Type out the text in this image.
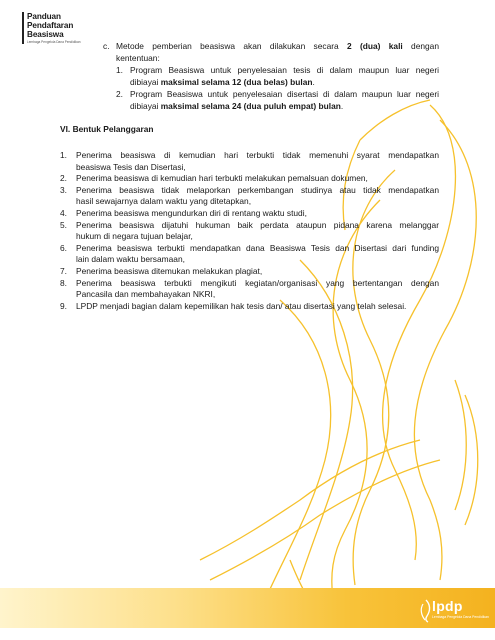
Panduan
Pendaftaran
Beasiswa
Lembaga Pengelola Dana Pendidikan	c. Metode pemberian beasiswa akan dilakukan secara 2 (dua) kali dengan
kententuan:
1. Program Beasiswa untuk penyelesaian tesis di dalam maupun luar negeri
dibiayai maksimal selama 12 (dua belas) bulan.
2. Program Beasiswa untuk penyelesaian disertasi di dalam maupun luar negeri
dibiayai maksimal selama 24 (dua puluh empat) bulan.
VI. Bentuk Pelanggaran
1. Penerima beasiswa di kemudian hari terbukti tidak memenuhi syarat mendapatkan
beasiswa Tesis dan Disertasi,
2. Penerima beasiswa di kemudian hari terbukti melakukan pemalsuan dokumen,
3. Penerima beasiswa tidak melaporkan perkembangan studinya atau tidak mendapatkan
hasil sewajarnya dalam waktu yang ditetapkan,
4. Penerima beasiswa mengundurkan diri di rentang waktu studi,
5. Penerima beasiswa dijatuhi hukuman baik perdata ataupun pidana karena melanggar
hukum di negara tujuan belajar,
6. Penerima beasiswa terbukti mendapatkan dana Beasiswa Tesis dan Disertasi dari funding
lain dalam waktu bersamaan,
7. Penerima beasiswa ditemukan melakukan plagiat,
8. Penerima beasiswa terbukti mengikuti kegiatan/organisasi yang bertentangan dengan
Pancasila dan membahayakan NKRI,
9. LPDP menjadi bagian dalam kepemilikan hak tesis dan/ atau disertasi yang telah selesai.
lpdp
Lembaga Pengelola Dana Pendidikan
